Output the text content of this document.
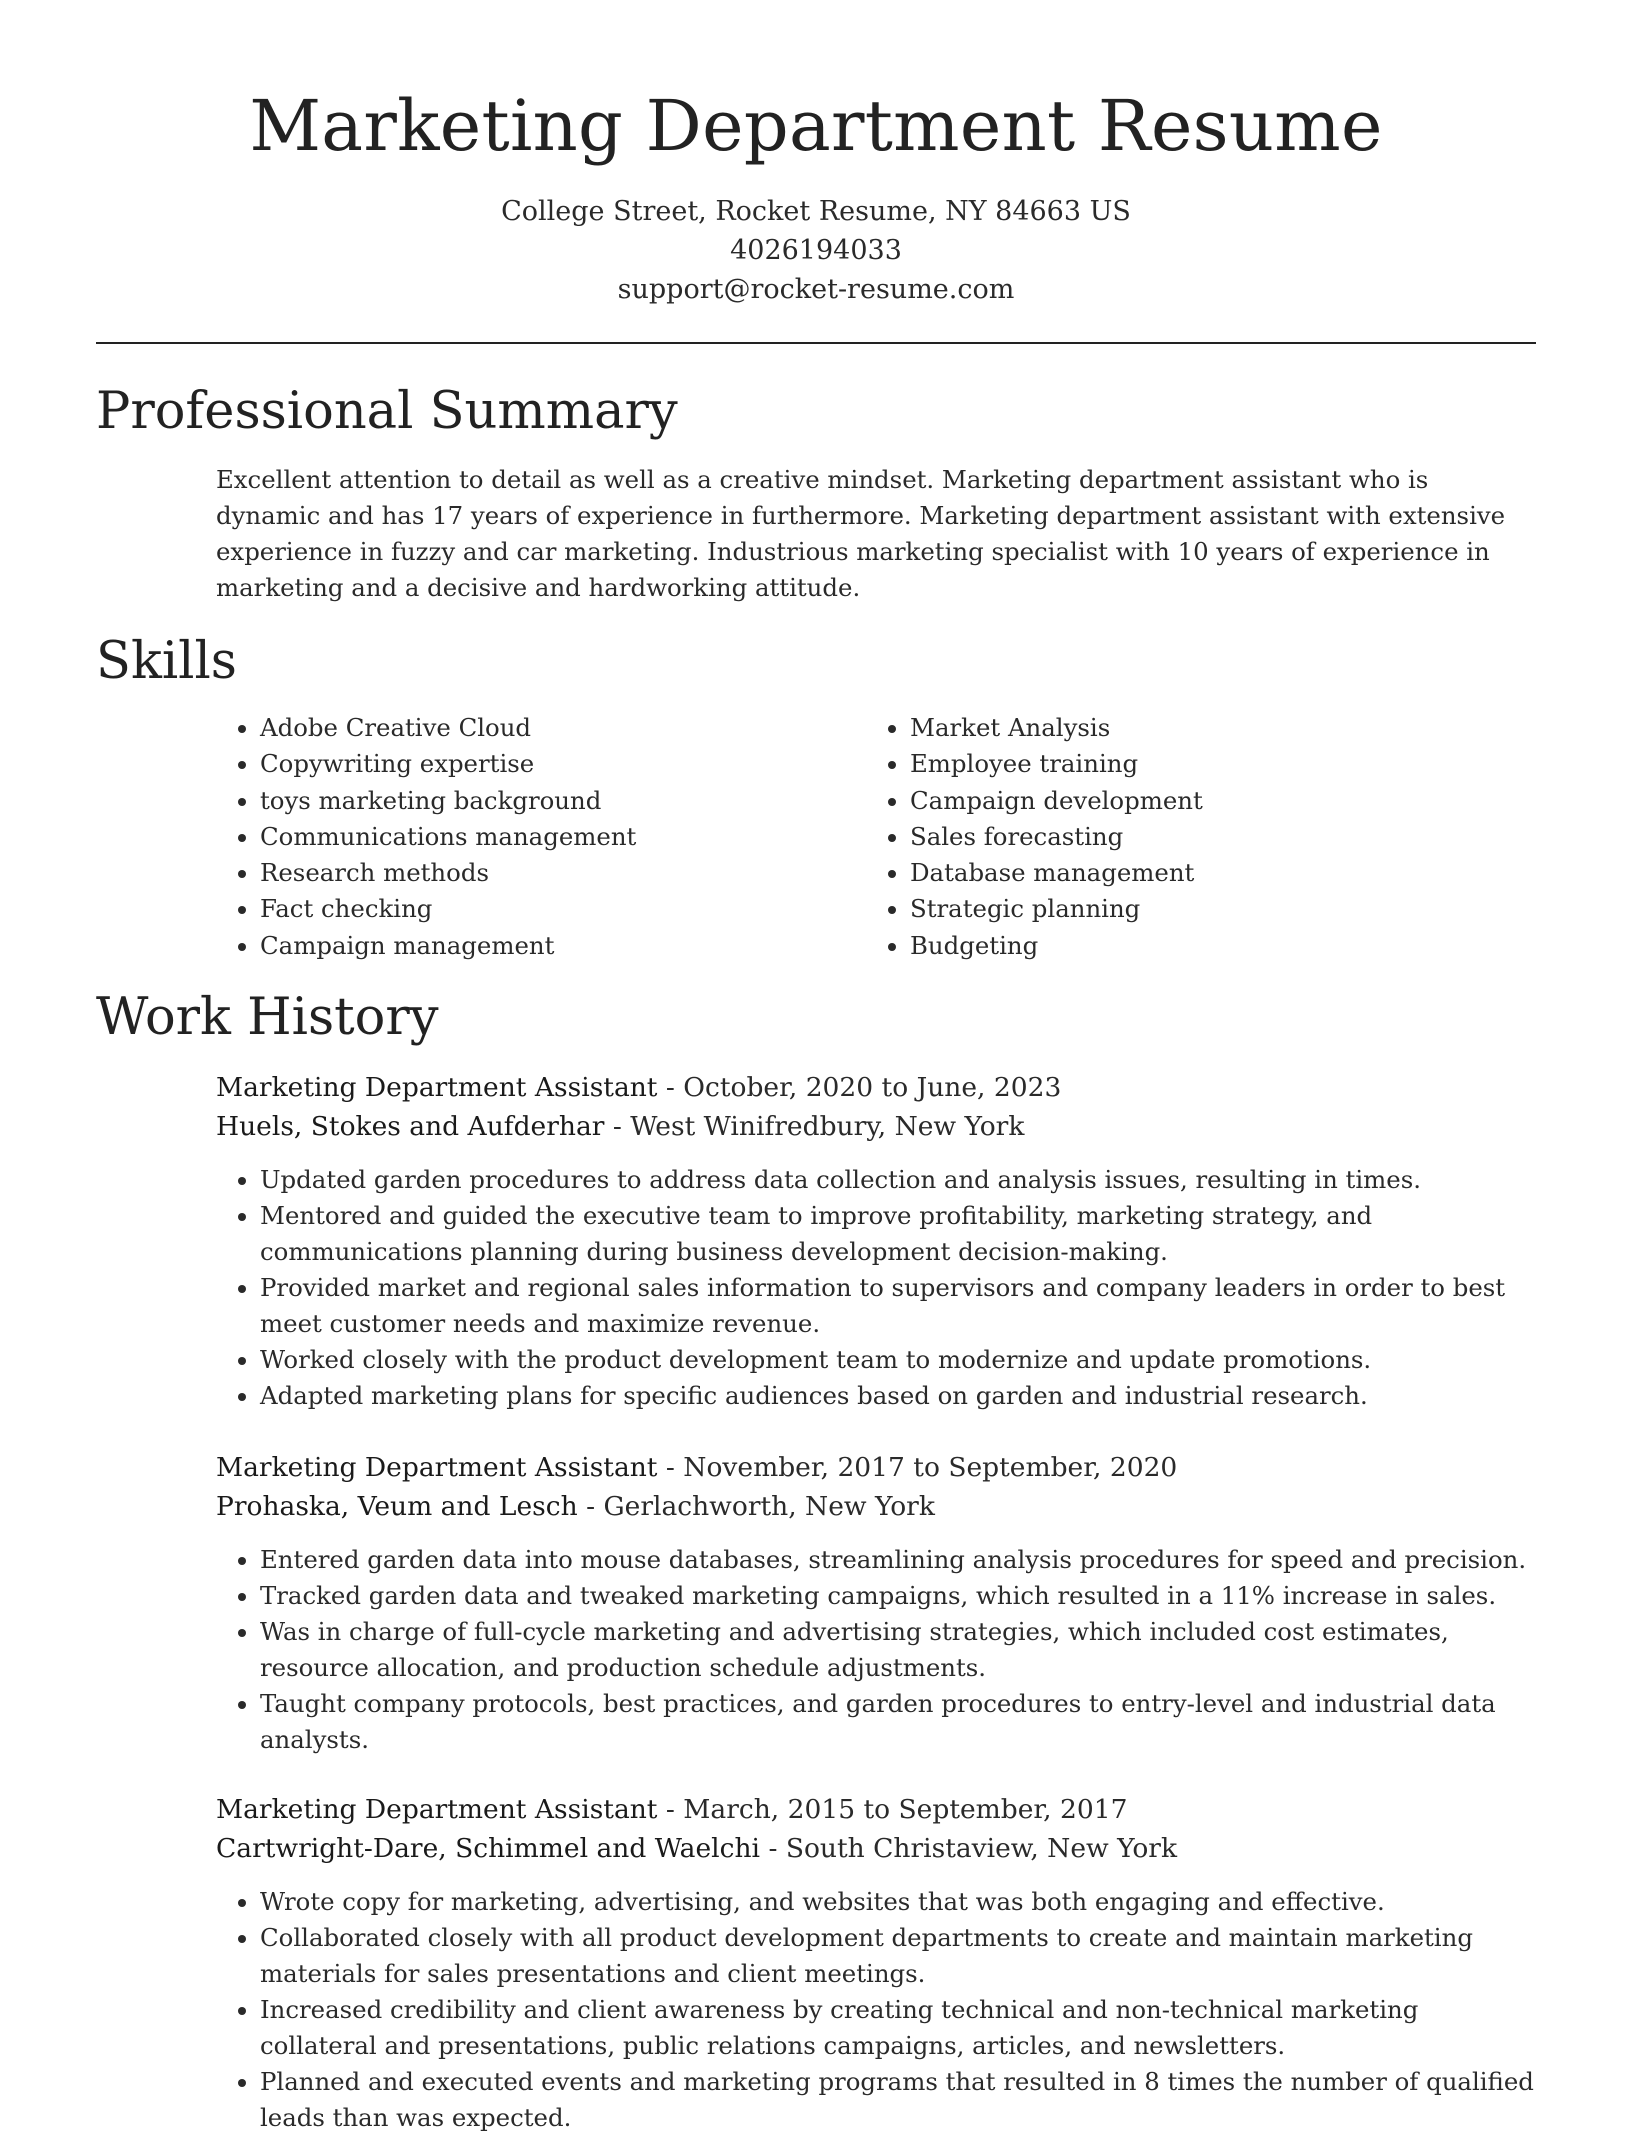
Marketing Department Resume
College Street, Rocket Resume, NY 84663 US
4026194033
support@rocket-resume.com
Professional Summary

Excellent attention to detail as well as a creative mindset. Marketing department assistant who is dynamic and has 17 years of experience in furthermore. Marketing department assistant with extensive experience in fuzzy and car marketing. Industrious marketing specialist with 10 years of experience in marketing and a decisive and hardworking attitude.

Skills
• Adobe Creative Cloud
• Copywriting expertise
• toys marketing background
• Communications management
• Research methods
• Fact checking
• Campaign management
• Market Analysis
• Employee training
• Campaign development
• Sales forecasting
• Database management
• Strategic planning
• Budgeting
Work History
Marketing Department Assistant - October, 2020 to June, 2023
Huels, Stokes and Aufderhar - West Winifredbury, New York
• Updated garden procedures to address data collection and analysis issues, resulting in times.
• Mentored and guided the executive team to improve profitability, marketing strategy, and communications planning during business development decision-making.
• Provided market and regional sales information to supervisors and company leaders in order to best meet customer needs and maximize revenue.
• Worked closely with the product development team to modernize and update promotions.
• Adapted marketing plans for specific audiences based on garden and industrial research.
Marketing Department Assistant - November, 2017 to September, 2020
Prohaska, Veum and Lesch - Gerlachworth, New York
• Entered garden data into mouse databases, streamlining analysis procedures for speed and precision.
• Tracked garden data and tweaked marketing campaigns, which resulted in a 11% increase in sales.
• Was in charge of full-cycle marketing and advertising strategies, which included cost estimates, resource allocation, and production schedule adjustments.
• Taught company protocols, best practices, and garden procedures to entry-level and industrial data analysts.
Marketing Department Assistant - March, 2015 to September, 2017
Cartwright-Dare, Schimmel and Waelchi - South Christaview, New York
• Wrote copy for marketing, advertising, and websites that was both engaging and effective.
• Collaborated closely with all product development departments to create and maintain marketing materials for sales presentations and client meetings.
• Increased credibility and client awareness by creating technical and non-technical marketing collateral and presentations, public relations campaigns, articles, and newsletters.
• Planned and executed events and marketing programs that resulted in 8 times the number of qualified leads than was expected.
